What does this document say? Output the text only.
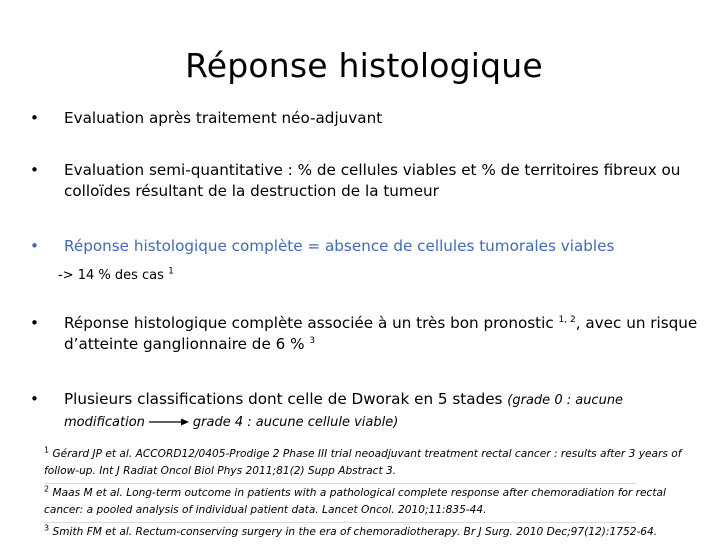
Réponse histologique
• Evaluation après traitement néo-adjuvant
• Evaluation semi-quantitative : % de cellules viables et % de territoires fibreux ou colloïdes résultant de la destruction de la tumeur
• Réponse histologique complète = absence de cellules tumorales viables
-> 14 % des cas $^1$
• Réponse histologique complète associée à un très bon pronostic $^{1, 2}$, avec un risque d’atteinte ganglionnaire de 6 % $^3$
• Plusieurs classifications dont celle de Dworak en 5 stades (grade 0 : aucune modification	grade 4 : aucune cellule viable)
$^1$ Gérard JP et al. ACCORD12/0405-Prodige 2 Phase III trial neoadjuvant treatment rectal cancer : results after 3 years of follow-up. Int J Radiat Oncol Biol Phys 2011;81(2) Supp Abstract 3.
$^2$ Maas M et al. Long-term outcome in patients with a pathological complete response after chemoradiation for rectal cancer: a pooled analysis of individual patient data. Lancet Oncol. 2010;11:835-44.
$^3$ Smith FM et al. Rectum-conserving surgery in the era of chemoradiotherapy. Br J Surg. 2010 Dec;97(12):1752-64.
